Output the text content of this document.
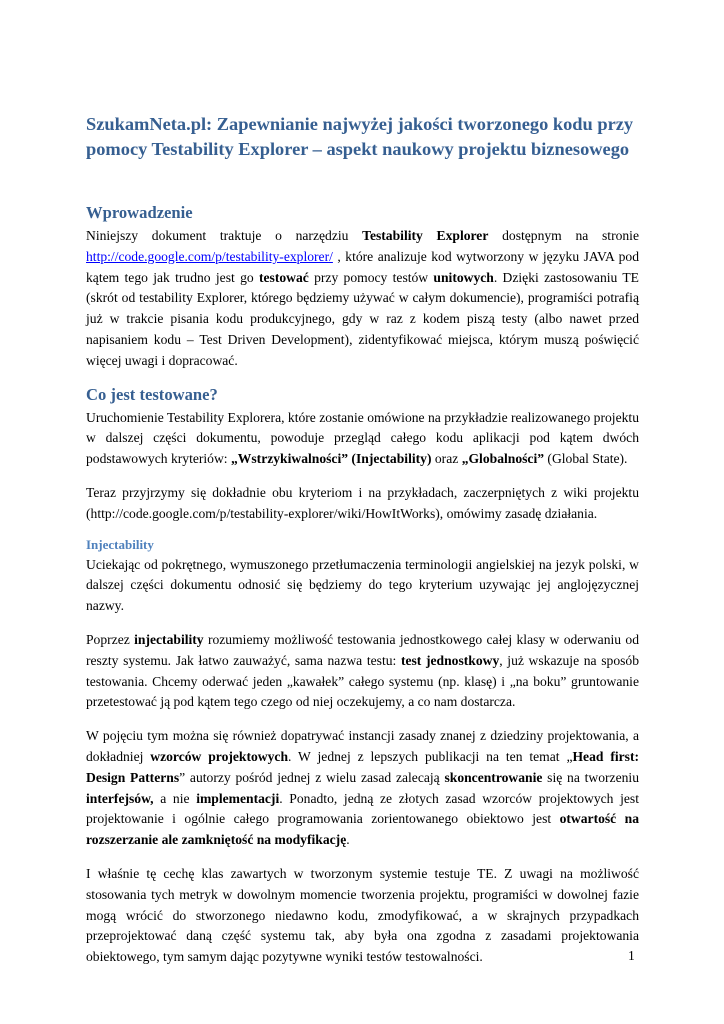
SzukamNeta.pl: Zapewnianie najwyżej jakości tworzonego kodu przy pomocy Testability Explorer – aspekt naukowy projektu biznesowego
Wprowadzenie

Niniejszy dokument traktuje o narzędziu Testability Explorer dostępnym na stronie http://code.google.com/p/testability-explorer/ , które analizuje kod wytworzony w języku JAVA pod kątem tego jak trudno jest go testować przy pomocy testów unitowych. Dzięki zastosowaniu TE (skrót od testability Explorer, którego będziemy używać w całym dokumencie), programiści potrafią już w trakcie pisania kodu produkcyjnego, gdy w raz z kodem piszą testy (albo nawet przed napisaniem kodu – Test Driven Development), zidentyfikować miejsca, którym muszą poświęcić więcej uwagi i dopracować.

Co jest testowane?

Uruchomienie Testability Explorera, które zostanie omówione na przykładzie realizowanego projektu w dalszej części dokumentu, powoduje przegląd całego kodu aplikacji pod kątem dwóch podstawowych kryteriów: „Wstrzykiwalności” (Injectability) oraz „Globalności” (Global State).

Teraz przyjrzymy się dokładnie obu kryteriom i na przykładach, zaczerpniętych z wiki projektu (http://code.google.com/p/testability-explorer/wiki/HowItWorks), omówimy zasadę działania.

Injectability

Uciekając od pokrętnego, wymuszonego przetłumaczenia terminologii angielskiej na jezyk polski, w dalszej części dokumentu odnosić się będziemy do tego kryterium uzywając jej anglojęzycznej nazwy.

Poprzez injectability rozumiemy możliwość testowania jednostkowego całej klasy w oderwaniu od reszty systemu. Jak łatwo zauważyć, sama nazwa testu: test jednostkowy, już wskazuje na sposób testowania. Chcemy oderwać jeden „kawałek” całego systemu (np. klasę) i „na boku” gruntowanie przetestować ją pod kątem tego czego od niej oczekujemy, a co nam dostarcza.

W pojęciu tym można się również dopatrywać instancji zasady znanej z dziedziny projektowania, a dokładniej wzorców projektowych. W jednej z lepszych publikacji na ten temat „Head first: Design Patterns” autorzy pośród jednej z wielu zasad zalecają skoncentrowanie się na tworzeniu interfejsów, a nie implementacji. Ponadto, jedną ze złotych zasad wzorców projektowych jest projektowanie i ogólnie całego programowania zorientowanego obiektowo jest otwartość na rozszerzanie ale zamkniętość na modyfikację.

I właśnie tę cechę klas zawartych w tworzonym systemie testuje TE. Z uwagi na możliwość stosowania tych metryk w dowolnym momencie tworzenia projektu, programiści w dowolnej fazie mogą wrócić do stworzonego niedawno kodu, zmodyfikować, a w skrajnych przypadkach przeprojektować daną część systemu tak, aby była ona zgodna z zasadami projektowania obiektowego, tym samym dając pozytywne wyniki testów testowalności.	1
